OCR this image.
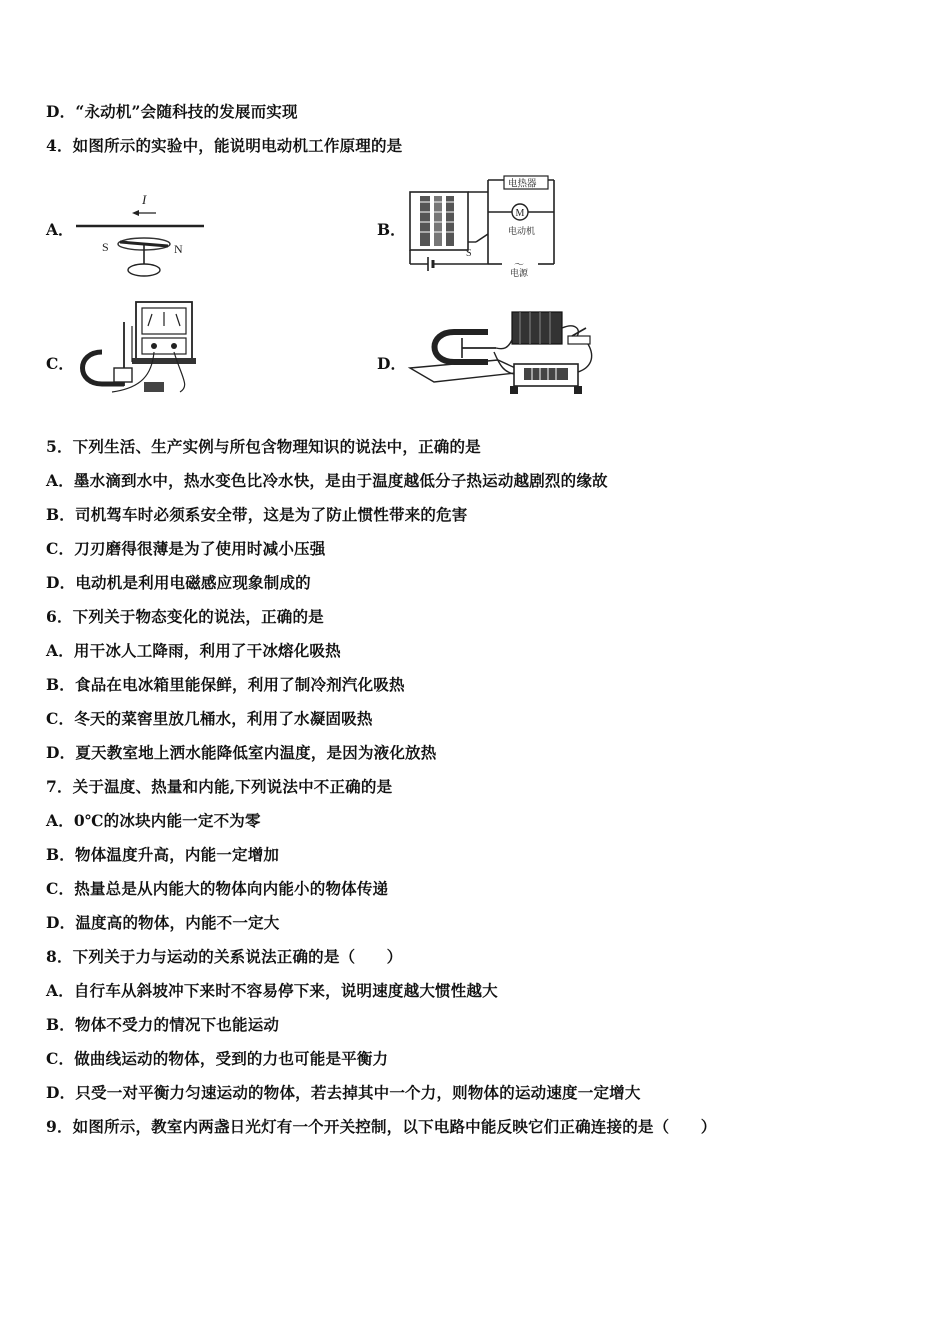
D．“永动机”会随科技的发展而实现
4．如图所示的实验中，能说明电动机工作原理的是
A．
I
S	N
B．
电热器
M
电动机
S
～
电源
C．	D．
5．下列生活、生产实例与所包含物理知识的说法中，正确的是
A．墨水滴到水中，热水变色比冷水快，是由于温度越低分子热运动越剧烈的缘故
B．司机驾车时必须系安全带，这是为了防止惯性带来的危害
C．刀刃磨得很薄是为了使用时减小压强
D．电动机是利用电磁感应现象制成的
6．下列关于物态变化的说法，正确的是
A．用干冰人工降雨，利用了干冰熔化吸热
B．食品在电冰箱里能保鲜，利用了制冷剂汽化吸热
C．冬天的菜窖里放几桶水，利用了水凝固吸热
D．夏天教室地上洒水能降低室内温度，是因为液化放热
7．关于温度、热量和内能,下列说法中不正确的是
A．0℃的冰块内能一定不为零
B．物体温度升高，内能一定增加
C．热量总是从内能大的物体向内能小的物体传递
D．温度高的物体，内能不一定大
8．下列关于力与运动的关系说法正确的是（　　）
A．自行车从斜坡冲下来时不容易停下来，说明速度越大惯性越大
B．物体不受力的情况下也能运动
C．做曲线运动的物体，受到的力也可能是平衡力
D．只受一对平衡力匀速运动的物体，若去掉其中一个力，则物体的运动速度一定增大
9．如图所示，教室内两盏日光灯有一个开关控制，以下电路中能反映它们正确连接的是（　　）
